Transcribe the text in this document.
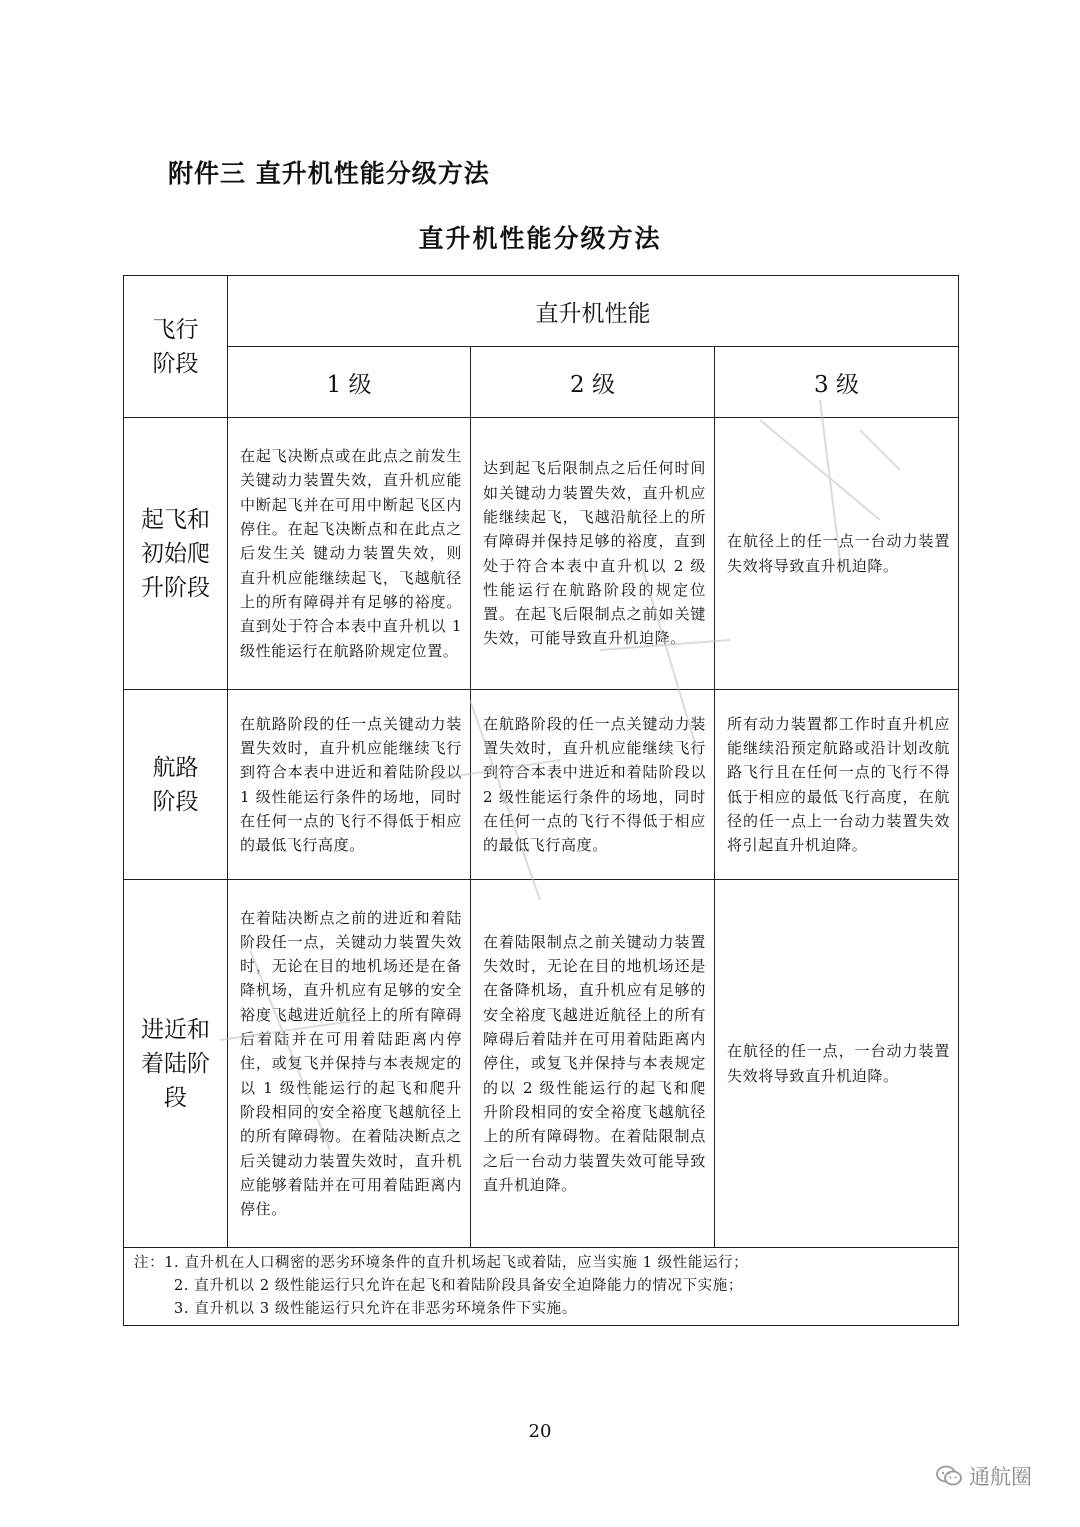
附件三 直升机性能分级方法
直升机性能分级方法
飞行
阶段	直升机性能		
	1 级	2 级	3 级

起飞和
初始爬
升阶段	在起飞决断点或在此点之前发生关键动力装置失效，直升机应能中断起飞并在可用中断起飞区内停住。在起飞决断点和在此点之后发生关 键动力装置失效，则直升机应能继续起飞，飞越航径上的所有障碍并有足够的裕度。直到处于符合本表中直升机以 1 级性能运行在航路阶规定位置。	达到起飞后限制点之后任何时间如关键动力装置失效，直升机应能继续起飞，飞越沿航径上的所有障碍并保持足够的裕度，直到处于符合本表中直升机以 2 级性能运行在航路阶段的规定位置。在起飞后限制点之前如关键失效，可能导致直升机迫降。	在航径上的任一点一台动力装置失效将导致直升机迫降。

航路
阶段	在航路阶段的任一点关键动力装置失效时，直升机应能继续飞行到符合本表中进近和着陆阶段以 1 级性能运行条件的场地，同时在任何一点的飞行不得低于相应的最低飞行高度。	在航路阶段的任一点关键动力装置失效时，直升机应能继续飞行到符合本表中进近和着陆阶段以 2 级性能运行条件的场地，同时在任何一点的飞行不得低于相应的最低飞行高度。	所有动力装置都工作时直升机应能继续沿预定航路或沿计划改航路飞行且在任何一点的飞行不得低于相应的最低飞行高度，在航径的任一点上一台动力装置失效将引起直升机迫降。

进近和
着陆阶
段	在着陆决断点之前的进近和着陆阶段任一点，关键动力装置失效时，无论在目的地机场还是在备降机场，直升机应有足够的安全裕度飞越进近航径上的所有障碍后着陆并在可用着陆距离内停住，或复飞并保持与本表规定的以 1 级性能运行的起飞和爬升阶段相同的安全裕度飞越航径上的所有障碍物。在着陆决断点之后关键动力装置失效时，直升机应能够着陆并在可用着陆距离内停住。	在着陆限制点之前关键动力装置失效时，无论在目的地机场还是在备降机场，直升机应有足够的安全裕度飞越进近航径上的所有障碍后着陆并在可用着陆距离内停住，或复飞并保持与本表规定的以 2 级性能运行的起飞和爬升阶段相同的安全裕度飞越航径上的所有障碍物。在着陆限制点之后一台动力装置失效可能导致直升机迫降。	在航径的任一点，一台动力装置失效将导致直升机迫降。

注：1. 直升机在人口稠密的恶劣环境条件的直升机场起飞或着陆，应当实施 1 级性能运行；
2. 直升机以 2 级性能运行只允许在起飞和着陆阶段具备安全迫降能力的情况下实施；
3. 直升机以 3 级性能运行只允许在非恶劣环境条件下实施。			
20
通航圈
